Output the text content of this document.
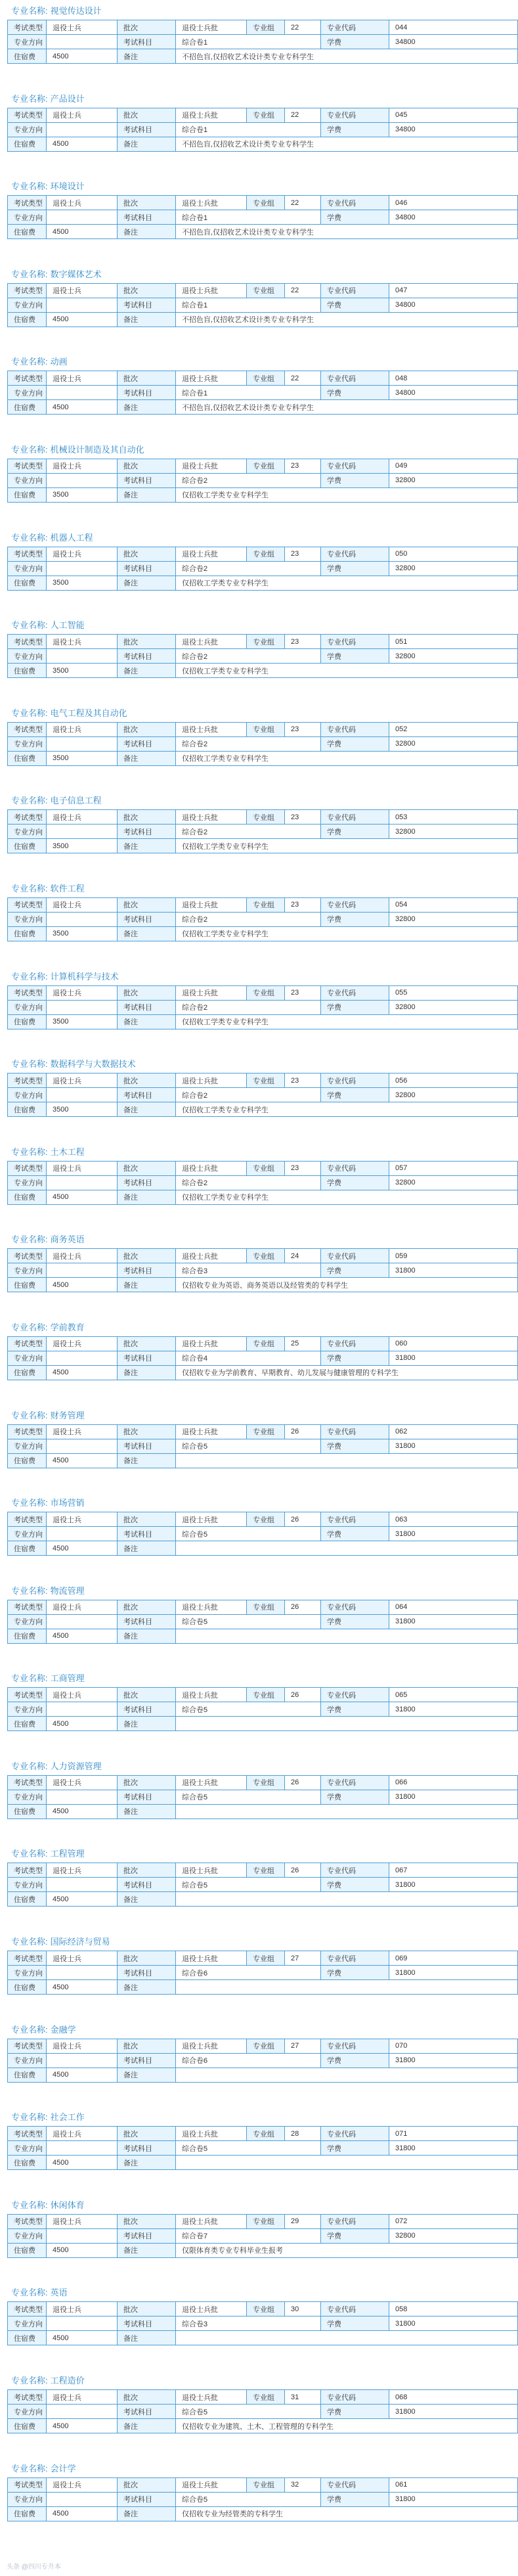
专业名称: 视觉传达设计
考试类型	退役士兵	批次	退役士兵批	专业组	22	专业代码	044
专业方向		考试科目	综合卷1			学费	34800
住宿费	4500	备注	不招色盲,仅招收艺术设计类专业专科学生				
专业名称: 产品设计
考试类型	退役士兵	批次	退役士兵批	专业组	22	专业代码	045
专业方向		考试科目	综合卷1			学费	34800
住宿费	4500	备注	不招色盲,仅招收艺术设计类专业专科学生				
专业名称: 环境设计
考试类型	退役士兵	批次	退役士兵批	专业组	22	专业代码	046
专业方向		考试科目	综合卷1			学费	34800
住宿费	4500	备注	不招色盲,仅招收艺术设计类专业专科学生				
专业名称: 数字媒体艺术
考试类型	退役士兵	批次	退役士兵批	专业组	22	专业代码	047
专业方向		考试科目	综合卷1			学费	34800
住宿费	4500	备注	不招色盲,仅招收艺术设计类专业专科学生				
专业名称: 动画
考试类型	退役士兵	批次	退役士兵批	专业组	22	专业代码	048
专业方向		考试科目	综合卷1			学费	34800
住宿费	4500	备注	不招色盲,仅招收艺术设计类专业专科学生				
专业名称: 机械设计制造及其自动化
考试类型	退役士兵	批次	退役士兵批	专业组	23	专业代码	049
专业方向		考试科目	综合卷2			学费	32800
住宿费	3500	备注	仅招收工学类专业专科学生				
专业名称: 机器人工程
考试类型	退役士兵	批次	退役士兵批	专业组	23	专业代码	050
专业方向		考试科目	综合卷2			学费	32800
住宿费	3500	备注	仅招收工学类专业专科学生				
专业名称: 人工智能
考试类型	退役士兵	批次	退役士兵批	专业组	23	专业代码	051
专业方向		考试科目	综合卷2			学费	32800
住宿费	3500	备注	仅招收工学类专业专科学生				
专业名称: 电气工程及其自动化
考试类型	退役士兵	批次	退役士兵批	专业组	23	专业代码	052
专业方向		考试科目	综合卷2			学费	32800
住宿费	3500	备注	仅招收工学类专业专科学生				
专业名称: 电子信息工程
考试类型	退役士兵	批次	退役士兵批	专业组	23	专业代码	053
专业方向		考试科目	综合卷2			学费	32800
住宿费	3500	备注	仅招收工学类专业专科学生				
专业名称: 软件工程
考试类型	退役士兵	批次	退役士兵批	专业组	23	专业代码	054
专业方向		考试科目	综合卷2			学费	32800
住宿费	3500	备注	仅招收工学类专业专科学生				
专业名称: 计算机科学与技术
考试类型	退役士兵	批次	退役士兵批	专业组	23	专业代码	055
专业方向		考试科目	综合卷2			学费	32800
住宿费	3500	备注	仅招收工学类专业专科学生				
专业名称: 数据科学与大数据技术
考试类型	退役士兵	批次	退役士兵批	专业组	23	专业代码	056
专业方向		考试科目	综合卷2			学费	32800
住宿费	3500	备注	仅招收工学类专业专科学生				
专业名称: 土木工程
考试类型	退役士兵	批次	退役士兵批	专业组	23	专业代码	057
专业方向		考试科目	综合卷2			学费	32800
住宿费	4500	备注	仅招收工学类专业专科学生				
专业名称: 商务英语
考试类型	退役士兵	批次	退役士兵批	专业组	24	专业代码	059
专业方向		考试科目	综合卷3			学费	31800
住宿费	4500	备注	仅招收专业为英语、商务英语以及经管类的专科学生				
专业名称: 学前教育
考试类型	退役士兵	批次	退役士兵批	专业组	25	专业代码	060
专业方向		考试科目	综合卷4			学费	31800
住宿费	4500	备注	仅招收专业为学前教育、早期教育、幼儿发展与健康管理的专科学生				
专业名称: 财务管理
考试类型	退役士兵	批次	退役士兵批	专业组	26	专业代码	062
专业方向		考试科目	综合卷5			学费	31800
住宿费	4500	备注					
专业名称: 市场营销
考试类型	退役士兵	批次	退役士兵批	专业组	26	专业代码	063
专业方向		考试科目	综合卷5			学费	31800
住宿费	4500	备注					
专业名称: 物流管理
考试类型	退役士兵	批次	退役士兵批	专业组	26	专业代码	064
专业方向		考试科目	综合卷5			学费	31800
住宿费	4500	备注					
专业名称: 工商管理
考试类型	退役士兵	批次	退役士兵批	专业组	26	专业代码	065
专业方向		考试科目	综合卷5			学费	31800
住宿费	4500	备注					
专业名称: 人力资源管理
考试类型	退役士兵	批次	退役士兵批	专业组	26	专业代码	066
专业方向		考试科目	综合卷5			学费	31800
住宿费	4500	备注					
专业名称: 工程管理
考试类型	退役士兵	批次	退役士兵批	专业组	26	专业代码	067
专业方向		考试科目	综合卷5			学费	31800
住宿费	4500	备注					
专业名称: 国际经济与贸易
考试类型	退役士兵	批次	退役士兵批	专业组	27	专业代码	069
专业方向		考试科目	综合卷6			学费	31800
住宿费	4500	备注					
专业名称: 金融学
考试类型	退役士兵	批次	退役士兵批	专业组	27	专业代码	070
专业方向		考试科目	综合卷6			学费	31800
住宿费	4500	备注					
专业名称: 社会工作
考试类型	退役士兵	批次	退役士兵批	专业组	28	专业代码	071
专业方向		考试科目	综合卷5			学费	31800
住宿费	4500	备注					
专业名称: 休闲体育
考试类型	退役士兵	批次	退役士兵批	专业组	29	专业代码	072
专业方向		考试科目	综合卷7			学费	32800
住宿费	4500	备注	仅限体育类专业专科毕业生报考				
专业名称: 英语
考试类型	退役士兵	批次	退役士兵批	专业组	30	专业代码	058
专业方向		考试科目	综合卷3			学费	31800
住宿费	4500	备注					
专业名称: 工程造价
考试类型	退役士兵	批次	退役士兵批	专业组	31	专业代码	068
专业方向		考试科目	综合卷5			学费	31800
住宿费	4500	备注	仅招收专业为建筑、土木、工程管理的专科学生				
专业名称: 会计学
考试类型	退役士兵	批次	退役士兵批	专业组	32	专业代码	061
专业方向		考试科目	综合卷5			学费	31800
住宿费	4500	备注	仅招收专业为经管类的专科学生				
头条 @四川专升本
